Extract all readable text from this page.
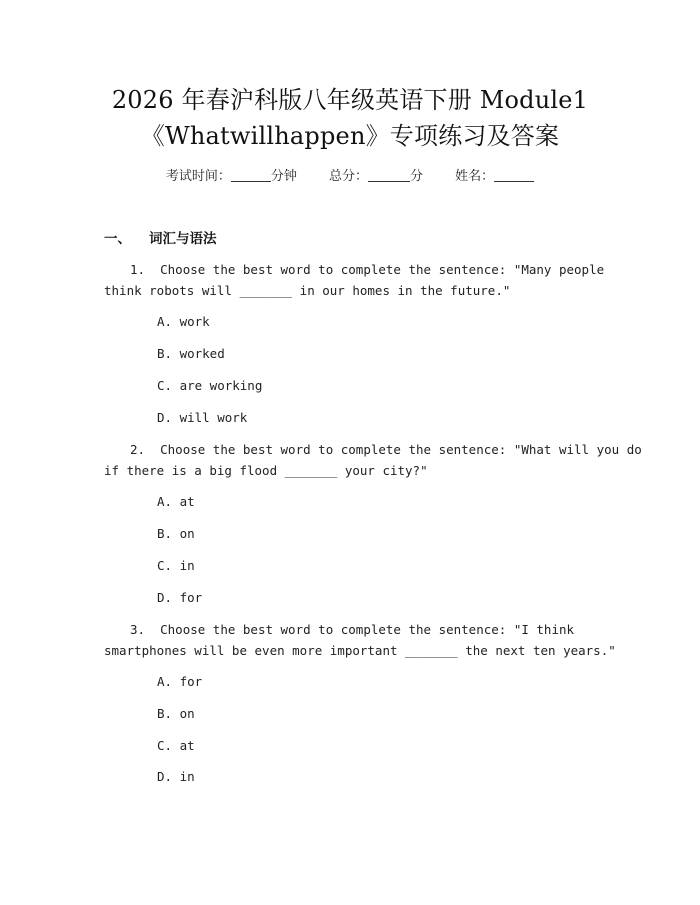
2026 年春沪科版八年级英语下册 Module1
《Whatwillhappen》专项练习及答案
考试时间：	分钟 总分：	分 姓名：
一、 词汇与语法
1. Choose the best word to complete the sentence: "Many people
think robots will _______ in our homes in the future."
A. work
B. worked
C. are working
D. will work
2. Choose the best word to complete the sentence: "What will you do
if there is a big flood _______ your city?"
A. at
B. on
C. in
D. for
3. Choose the best word to complete the sentence: "I think
smartphones will be even more important _______ the next ten years."
A. for
B. on
C. at
D. in
